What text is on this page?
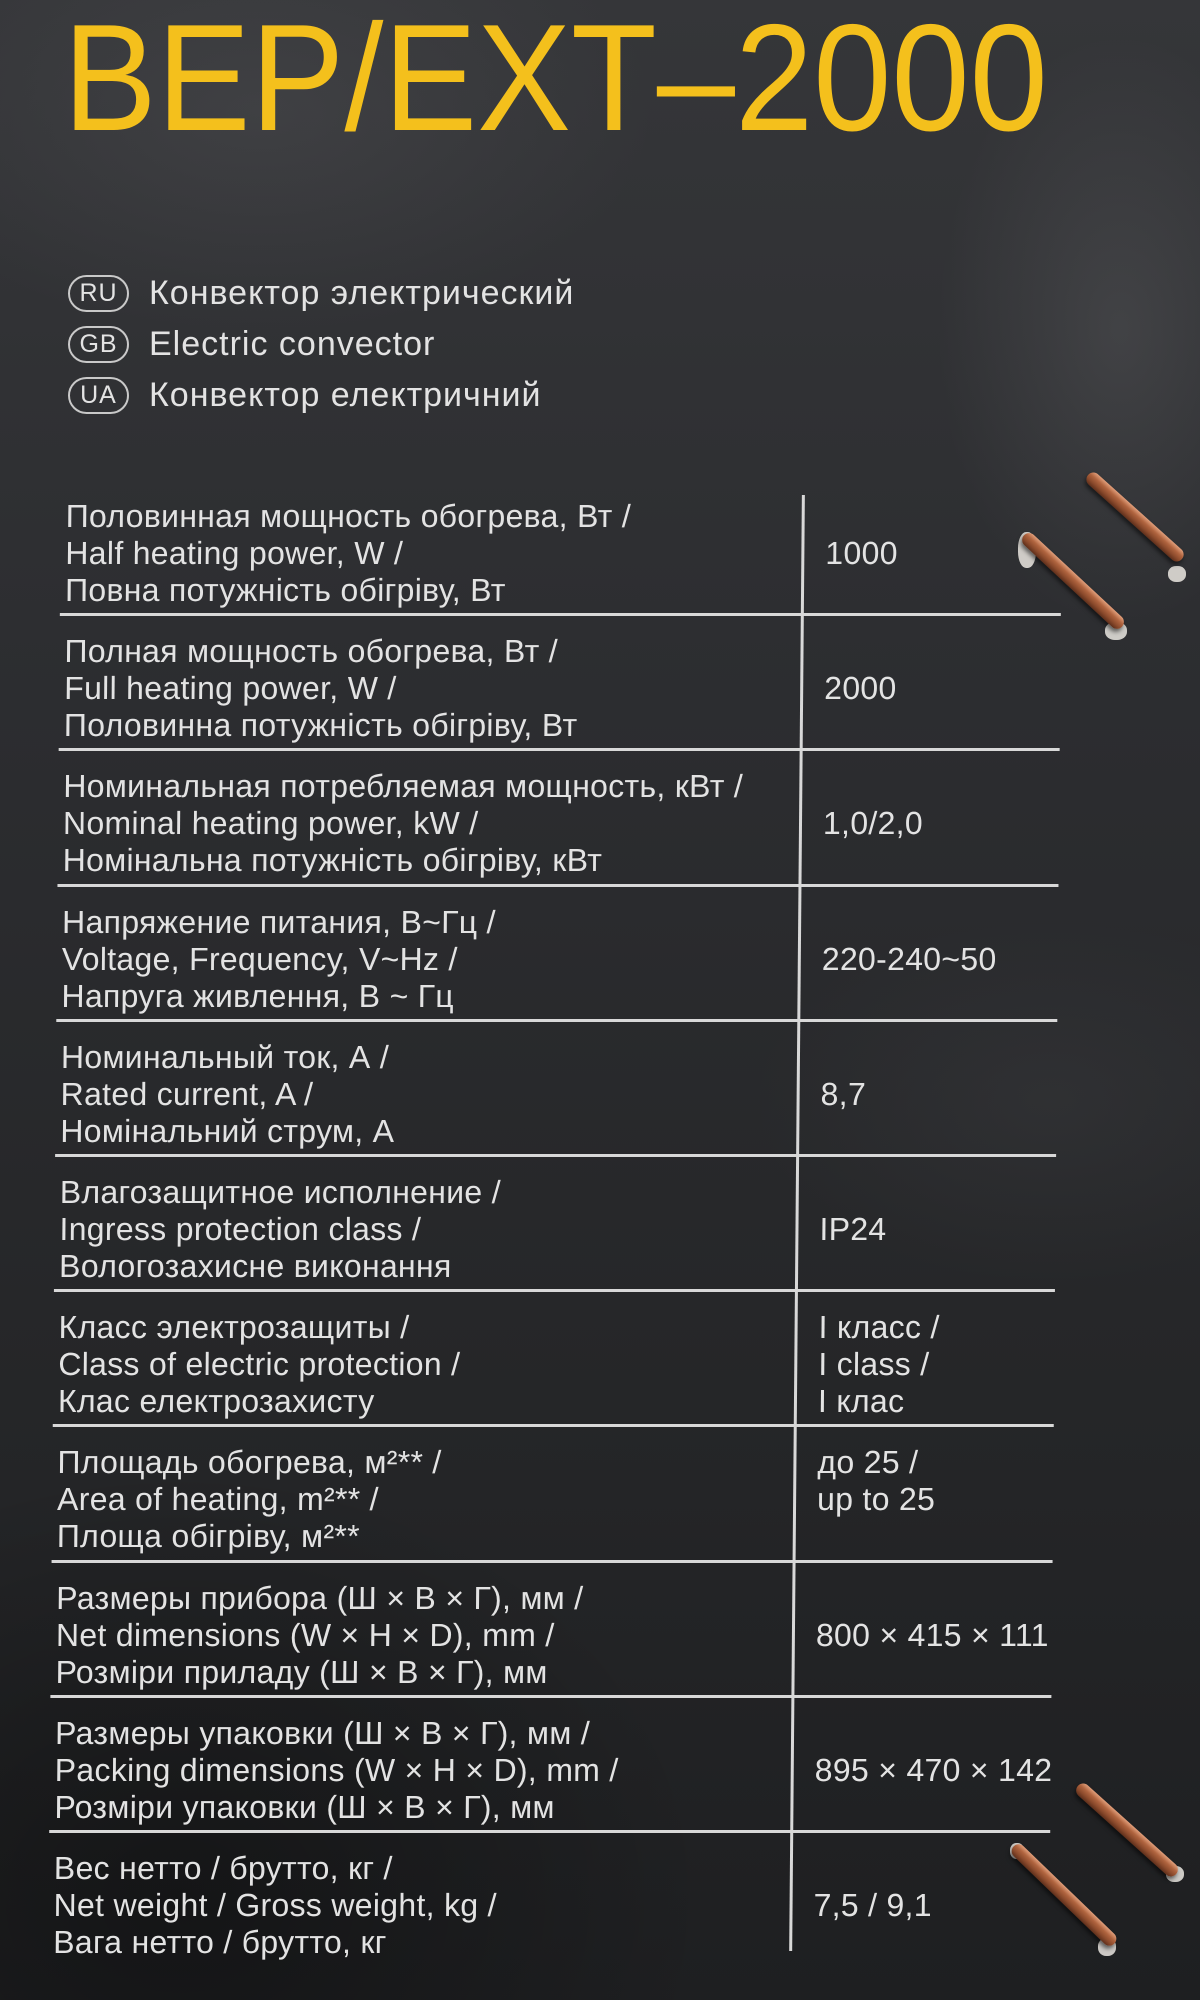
BEP/EXT–2000
RU Конвектор электрический
GB Electric convector
UA Конвектор електричний
Половинная мощность обогрева, Вт /
Half heating power, W /
Повна потужність обігріву, Вт
1000
Полная мощность обогрева, Вт /
Full heating power, W /
Половинна потужність обігріву, Вт
2000
Номинальная потребляемая мощность, кВт /
Nominal heating power, kW /
Номінальна потужність обігріву, кВт
1,0/2,0
Напряжение питания, В~Гц /
Voltage, Frequency, V~Hz /
Напруга живлення, В ~ Гц
220-240~50
Номинальный ток, А /
Rated current, A /
Номінальний струм, А
8,7
Влагозащитное исполнение /
Ingress protection class /
Вологозахисне виконання
IP24
Класс электрозащиты /
Class of electric protection /
Клас електрозахисту
I класс /
I class /
I клас
Площадь обогрева, м²** /
Area of heating, m²** /
Площа обігріву, м²**
до 25 /
up to 25
Размеры прибора (Ш × В × Г), мм /
Net dimensions (W × H × D), mm /
Розміри приладу (Ш × В × Г), мм
800 × 415 × 111
Размеры упаковки (Ш × В × Г), мм /
Packing dimensions (W × H × D), mm /
Розміри упаковки (Ш × В × Г), мм
895 × 470 × 142
Вес нетто / брутто, кг /
Net weight / Gross weight, kg /
Вага нетто / брутто, кг
7,5 / 9,1
